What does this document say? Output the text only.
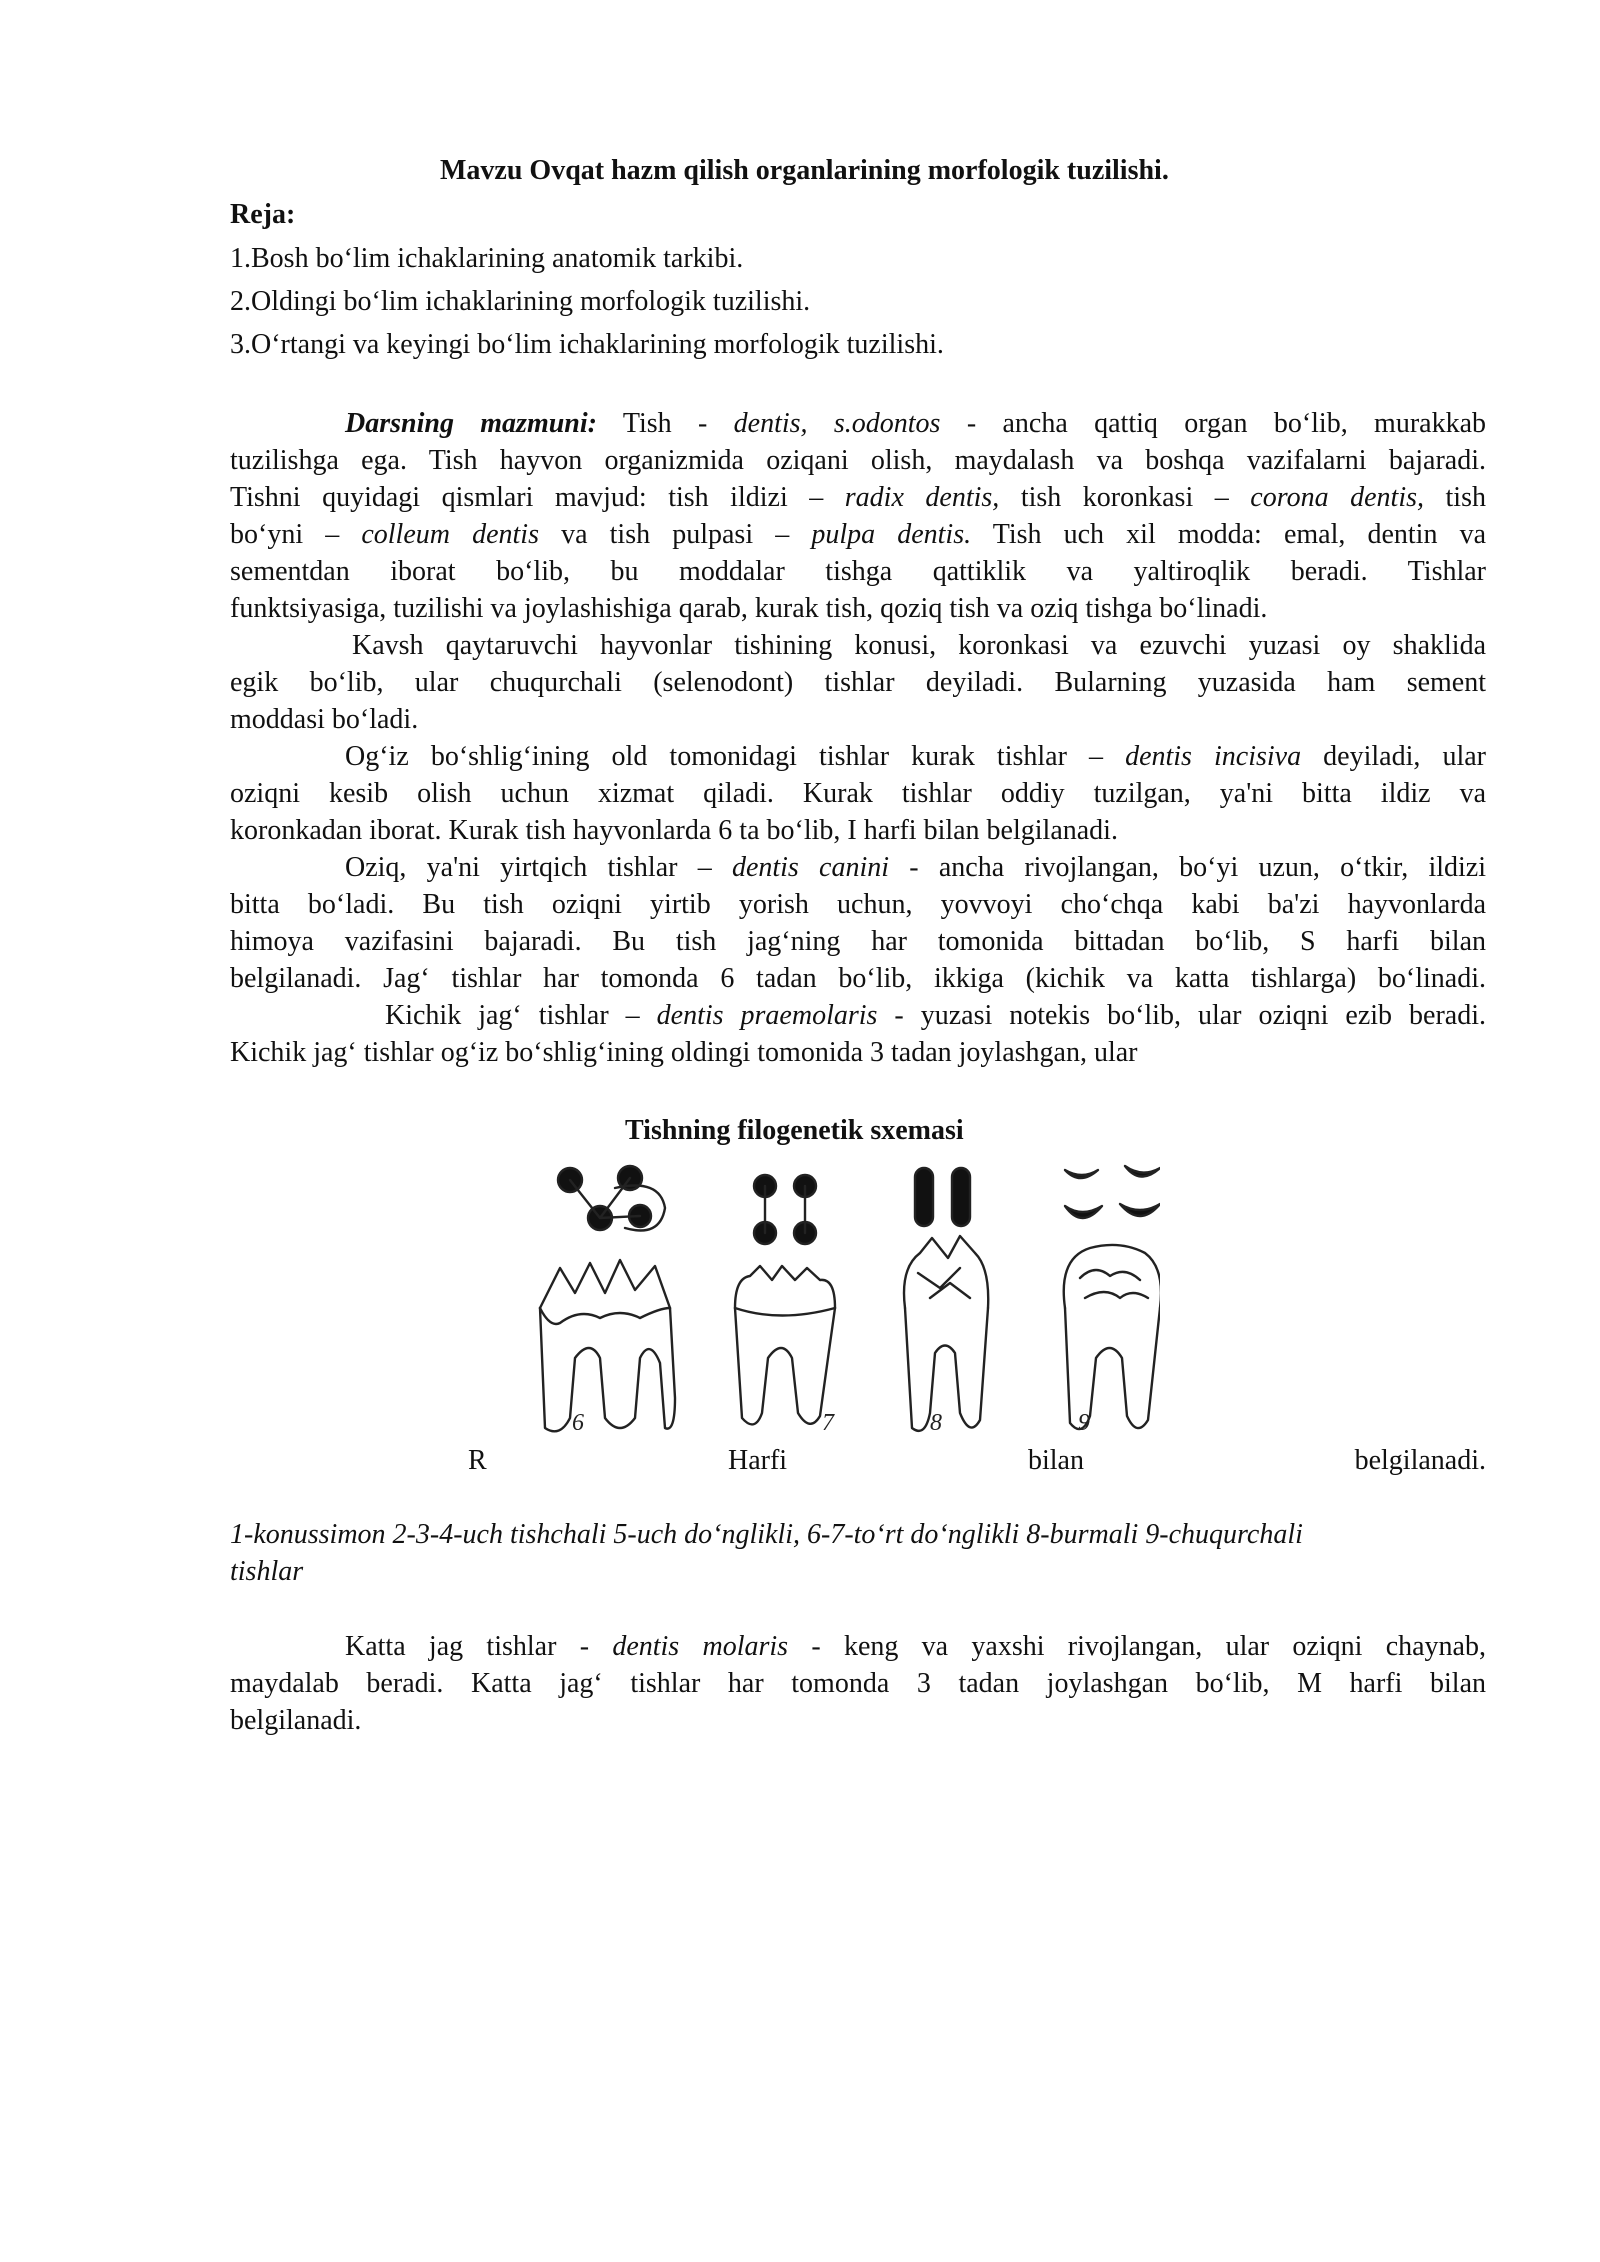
Mavzu Ovqat hazm qilish organlarining morfologik tuzilishi.
Reja:
1.Bosh bo‘lim ichaklarining anatomik tarkibi.
2.Oldingi bo‘lim ichaklarining morfologik tuzilishi.
3.O‘rtangi va keyingi bo‘lim ichaklarining morfologik tuzilishi.
Darsning mazmuni: Tish - dentis, s.odontos - ancha qattiq organ bo‘lib, murakkab
tuzilishga ega. Tish hayvon organizmida oziqani olish, maydalash va boshqa vazifalarni bajaradi.
Tishni quyidagi qismlari mavjud: tish ildizi – radix dentis, tish koronkasi – corona dentis, tish
bo‘yni – colleum dentis va tish pulpasi – pulpa dentis. Tish uch xil modda: emal, dentin va
sementdan iborat bo‘lib, bu moddalar tishga qattiklik va yaltiroqlik beradi. Tishlar
funktsiyasiga, tuzilishi va joylashishiga qarab, kurak tish, qoziq tish va oziq tishga bo‘linadi.
Kavsh qaytaruvchi hayvonlar tishining konusi, koronkasi va ezuvchi yuzasi oy shaklida
egik bo‘lib, ular chuqurchali (selenodont) tishlar deyiladi. Bularning yuzasida ham sement
moddasi bo‘ladi.
Og‘iz bo‘shlig‘ining old tomonidagi tishlar kurak tishlar – dentis incisiva deyiladi, ular
oziqni kesib olish uchun xizmat qiladi. Kurak tishlar oddiy tuzilgan, ya'ni bitta ildiz va
koronkadan iborat. Kurak tish hayvonlarda 6 ta bo‘lib, I harfi bilan belgilanadi.
Oziq, ya'ni yirtqich tishlar – dentis canini - ancha rivojlangan, bo‘yi uzun, o‘tkir, ildizi
bitta bo‘ladi. Bu tish oziqni yirtib yorish uchun, yovvoyi cho‘chqa kabi ba'zi hayvonlarda
himoya vazifasini bajaradi. Bu tish jag‘ning har tomonida bittadan bo‘lib, S harfi bilan
belgilanadi. Jag‘ tishlar har tomonda 6 tadan bo‘lib, ikkiga (kichik va katta tishlarga) bo‘linadi.
Kichik jag‘ tishlar – dentis praemolaris - yuzasi notekis bo‘lib, ular oziqni ezib beradi.
Kichik jag‘ tishlar og‘iz bo‘shlig‘ining oldingi tomonida 3 tadan joylashgan, ular
Tishning filogenetik sxemasi
6	7	8	9
R	Harfi	bilan	belgilanadi.
1-konussimon 2-3-4-uch tishchali 5-uch do‘nglikli, 6-7-to‘rt do‘nglikli 8-burmali 9-chuqurchali
tishlar
Katta jag tishlar - dentis molaris - keng va yaxshi rivojlangan, ular oziqni chaynab,
maydalab beradi. Katta jag‘ tishlar har tomonda 3 tadan joylashgan bo‘lib, M harfi bilan
belgilanadi.
